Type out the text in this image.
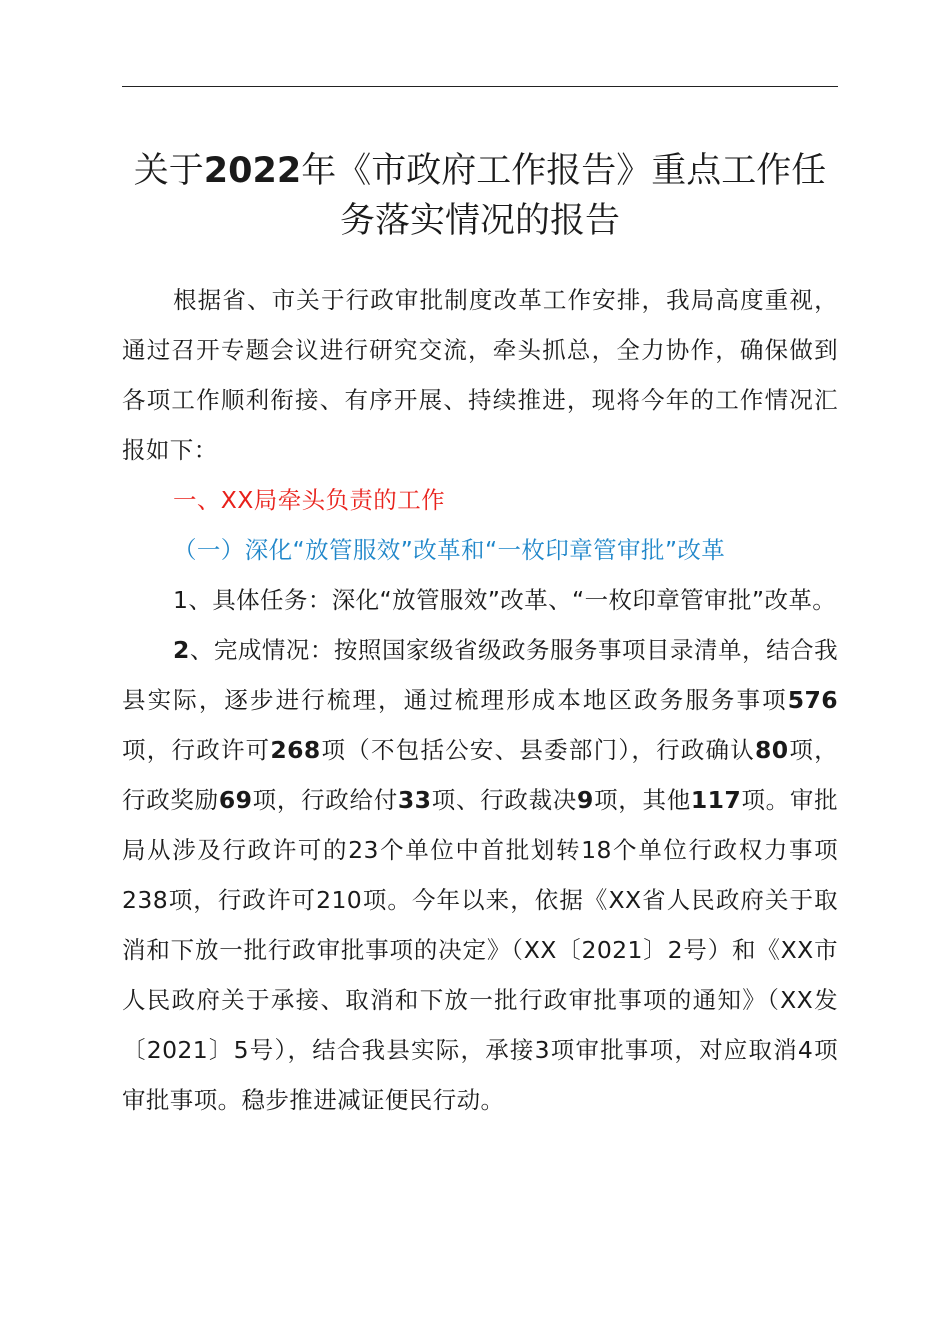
关于2022年《市政府工作报告》重点工作任
务落实情况的报告

根据省、市关于行政审批制度改革工作安排，我局高度重视，通过召开专题会议进行研究交流，牵头抓总，全力协作，确保做到各项工作顺利衔接、有序开展、持续推进，现将今年的工作情况汇报如下：

一、XX局牵头负责的工作

（一）深化“放管服效”改革和“一枚印章管审批”改革

1、具体任务：深化“放管服效”改革、“一枚印章管审批”改革。

2、完成情况：按照国家级省级政务服务事项目录清单，结合我县实际，逐步进行梳理，通过梳理形成本地区政务服务事项576项，行政许可268项（不包括公安、县委部门），行政确认80项，行政奖励69项，行政给付33项、行政裁决9项，其他117项。审批局从涉及行政许可的23个单位中首批划转18个单位行政权力事项238项，行政许可210项。今年以来，依据《XX省人民政府关于取消和下放一批行政审批事项的决定》（XX〔2021〕2号）和《XX市人民政府关于承接、取消和下放一批行政审批事项的通知》（XX发〔2021〕5号），结合我县实际，承接3项审批事项，对应取消4项审批事项。稳步推进减证便民行动。
